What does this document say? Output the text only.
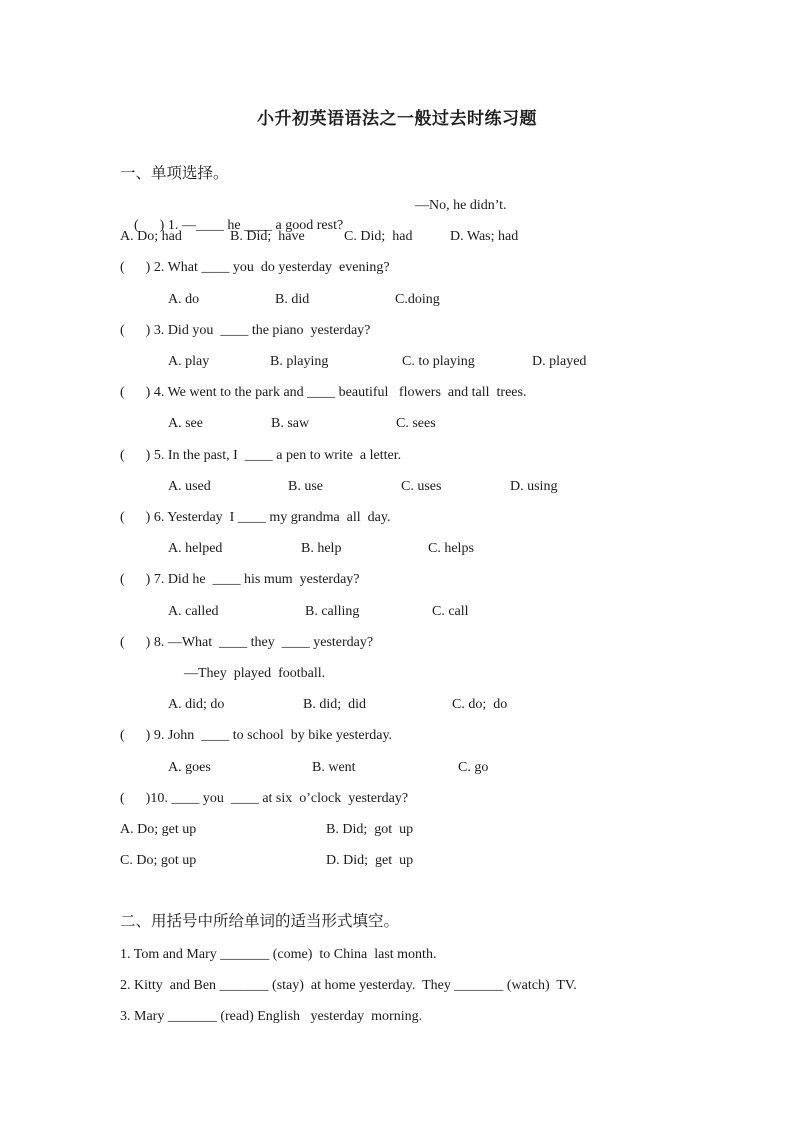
小升初英语语法之一般过去时练习题
一、单项选择。

(      ) 1. —____ he ____ a good rest?

—No, he didn’t.

A. Do; had

	B. Did;  have

	C. Did;  had

	D. Was; had

(      ) 2. What ____ you  do yesterday  evening?

A. do

	B. did

	C.doing

(      ) 3. Did you  ____ the piano  yesterday?

A. play

	B. playing

	C. to playing

	D. played

(      ) 4. We went to the park and ____ beautiful   flowers  and tall  trees.

A. see

	B. saw

	C. sees

(      ) 5. In the past, I  ____ a pen to write  a letter.

A. used

	B. use

	C. uses

	D. using

(      ) 6. Yesterday  I ____ my grandma  all  day.

A. helped

	B. help

	C. helps

(      ) 7. Did he  ____ his mum  yesterday?

A. called

	B. calling

	C. call

(      ) 8. —What  ____ they  ____ yesterday?
—They  played  football.

A. did; do

	B. did;  did

	C. do;  do

(      ) 9. John  ____ to school  by bike yesterday.

A. goes

	B. went

	C. go

(      )10. ____ you  ____ at six  o’clock  yesterday?

A. Do; get up

	B. Did;  got  up

C. Do; got up

	D. Did;  get  up

二、用括号中所给单词的适当形式填空。
1. Tom and Mary _______ (come)  to China  last month.
2. Kitty  and Ben _______ (stay)  at home yesterday.  They _______ (watch)  TV.
3. Mary _______ (read) English   yesterday  morning.
